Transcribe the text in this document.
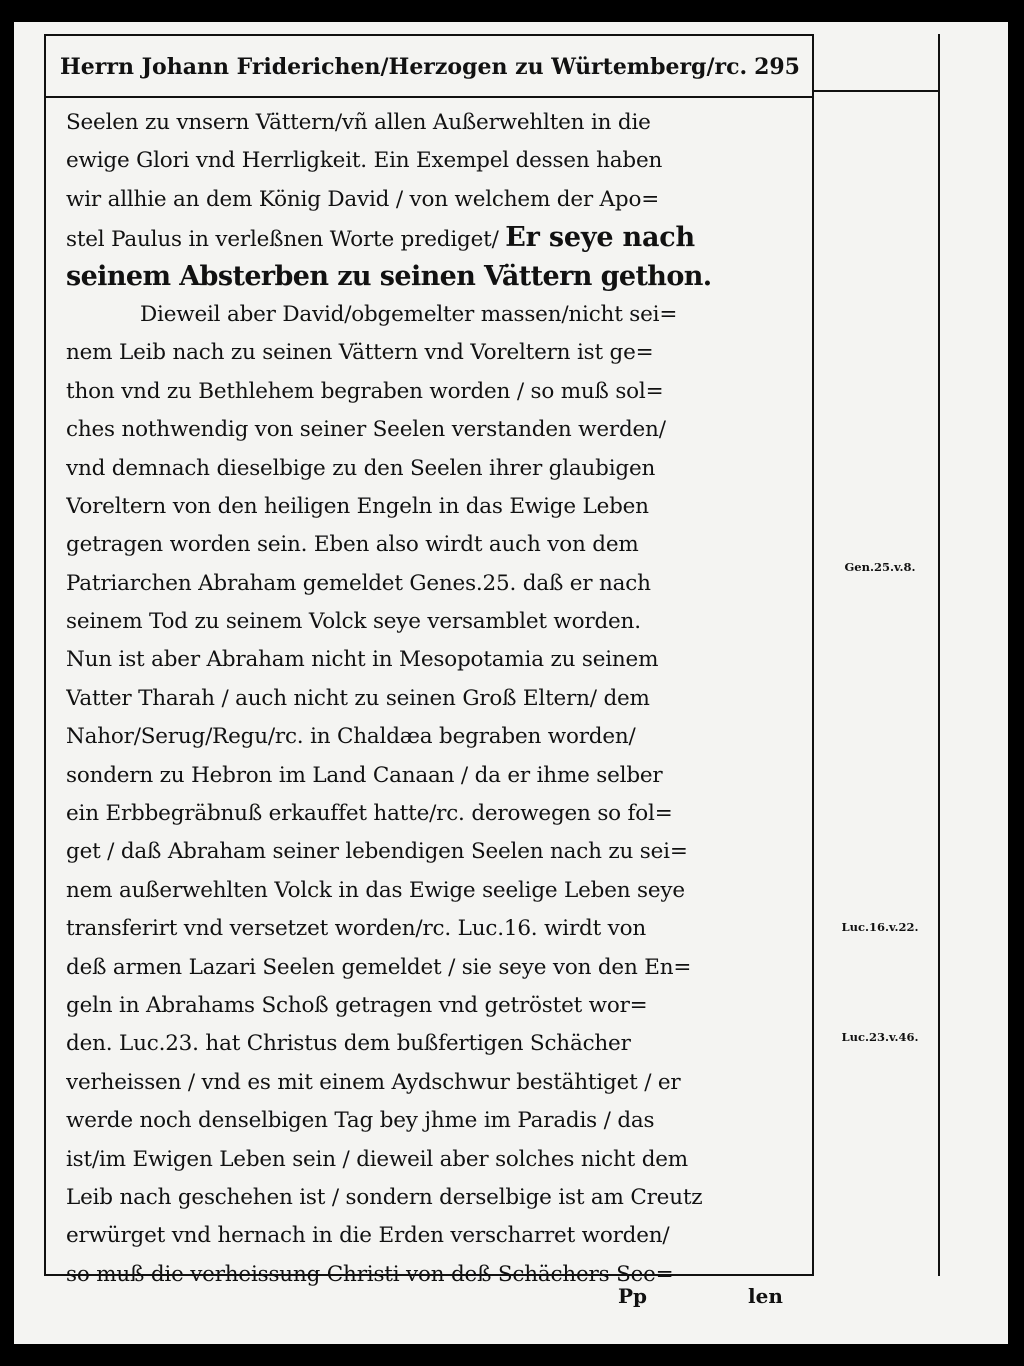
Herrn Johann Friderichen/Herzogen zu Würtemberg/rc. 295
Seelen zu vnsern Vättern/vñ allen Außerwehlten in die
ewige Glori vnd Herrligkeit. Ein Exempel dessen haben
wir allhie an dem König David / von welchem der Apo=
stel Paulus in verleßnen Worte prediget/ Er seye nach
seinem Absterben zu seinen Vättern gethon.
Dieweil aber David/obgemelter massen/nicht sei=
nem Leib nach zu seinen Vättern vnd Voreltern ist ge=
thon vnd zu Bethlehem begraben worden / so muß sol=
ches nothwendig von seiner Seelen verstanden werden/
vnd demnach dieselbige zu den Seelen ihrer glaubigen
Voreltern von den heiligen Engeln in das Ewige Leben
getragen worden sein. Eben also wirdt auch von dem
Patriarchen Abraham gemeldet Genes.25. daß er nach
seinem Tod zu seinem Volck seye versamblet worden.
Nun ist aber Abraham nicht in Mesopotamia zu seinem
Vatter Tharah / auch nicht zu seinen Groß Eltern/ dem
Nahor/Serug/Regu/rc. in Chaldæa begraben worden/
sondern zu Hebron im Land Canaan / da er ihme selber
ein Erbbegräbnuß erkauffet hatte/rc. derowegen so fol=
get / daß Abraham seiner lebendigen Seelen nach zu sei=
nem außerwehlten Volck in das Ewige seelige Leben seye
transferirt vnd versetzet worden/rc. Luc.16. wirdt von
deß armen Lazari Seelen gemeldet / sie seye von den En=
geln in Abrahams Schoß getragen vnd getröstet wor=
den. Luc.23. hat Christus dem bußfertigen Schächer
verheissen / vnd es mit einem Aydschwur bestähtiget / er
werde noch denselbigen Tag bey jhme im Paradis / das
ist/im Ewigen Leben sein / dieweil aber solches nicht dem
Leib nach geschehen ist / sondern derselbige ist am Creutz
erwürget vnd hernach in die Erden verscharret worden/
so muß die verheissung Christi von deß Schächers See=
Gen.25.v.8.
Luc.16.v.22.
Luc.23.v.46.
Pp	len
